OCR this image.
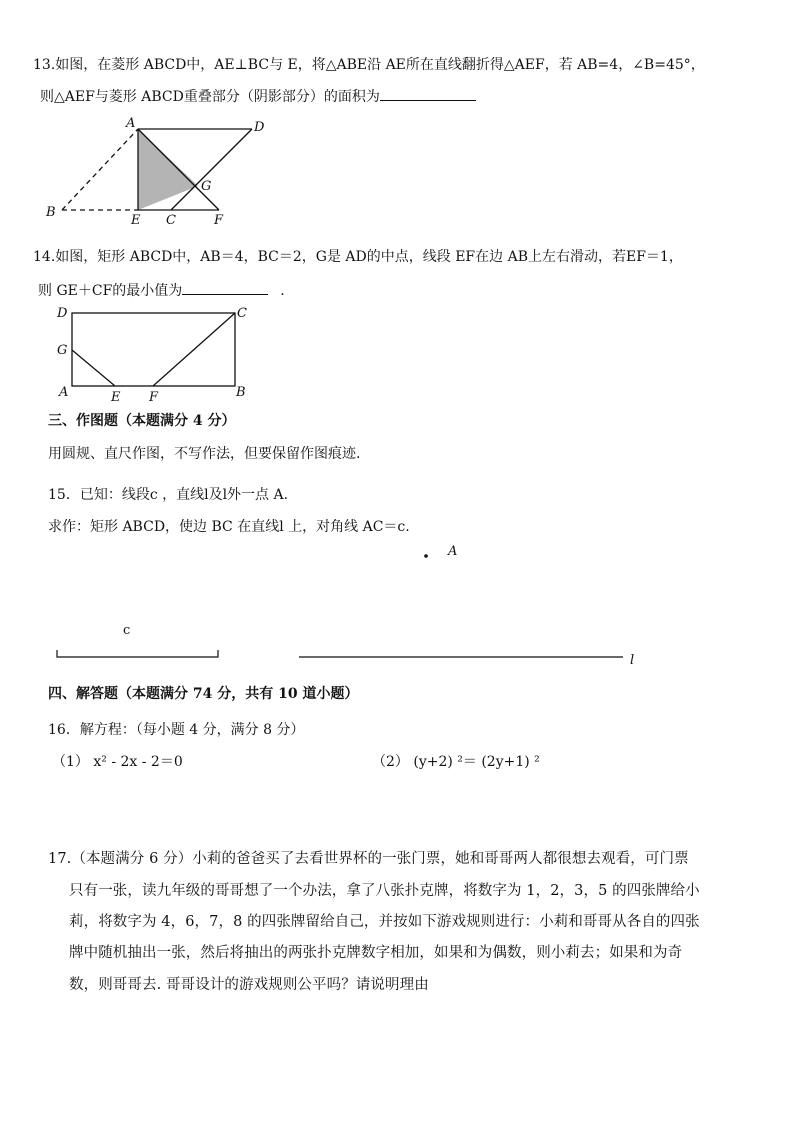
13.如图，在菱形 ABCD中，AE⊥BC与 E，将△ABE沿 AE所在直线翻折得△AEF，若 AB=4，∠B=45°，
则△AEF与菱形 ABCD重叠部分（阴影部分）的面积为
A	D
B
E C	F
G
14.如图，矩形 ABCD中，AB＝4，BC＝2，G是 AD的中点，线段 EF在边 AB上左右滑动，若EF＝1，
则 GE＋CF的最小值为	.
D	C
G
A	E F	B
三、作图题（本题满分 4 分）
用圆规、直尺作图，不写作法，但要保留作图痕迹.
15．已知：线段c ，直线l及l外一点 A.
求作：矩形 ABCD，使边 BC 在直线l 上，对角线 AC＝c.
A
c
l
四、解答题（本题满分 74 分，共有 10 道小题）
16．解方程：（每小题 4 分，满分 8 分）
（1） x² - 2x - 2＝0	（2） (y+2) ²＝ (2y+1) ²
17.（本题满分 6 分）小莉的爸爸买了去看世界杯的一张门票，她和哥哥两人都很想去观看，可门票
只有一张，读九年级的哥哥想了一个办法，拿了八张扑克牌，将数字为 1，2，3，5 的四张牌给小
莉，将数字为 4，6，7，8 的四张牌留给自己，并按如下游戏规则进行：小莉和哥哥从各自的四张
牌中随机抽出一张，然后将抽出的两张扑克牌数字相加，如果和为偶数，则小莉去；如果和为奇
数，则哥哥去. 哥哥设计的游戏规则公平吗？请说明理由
